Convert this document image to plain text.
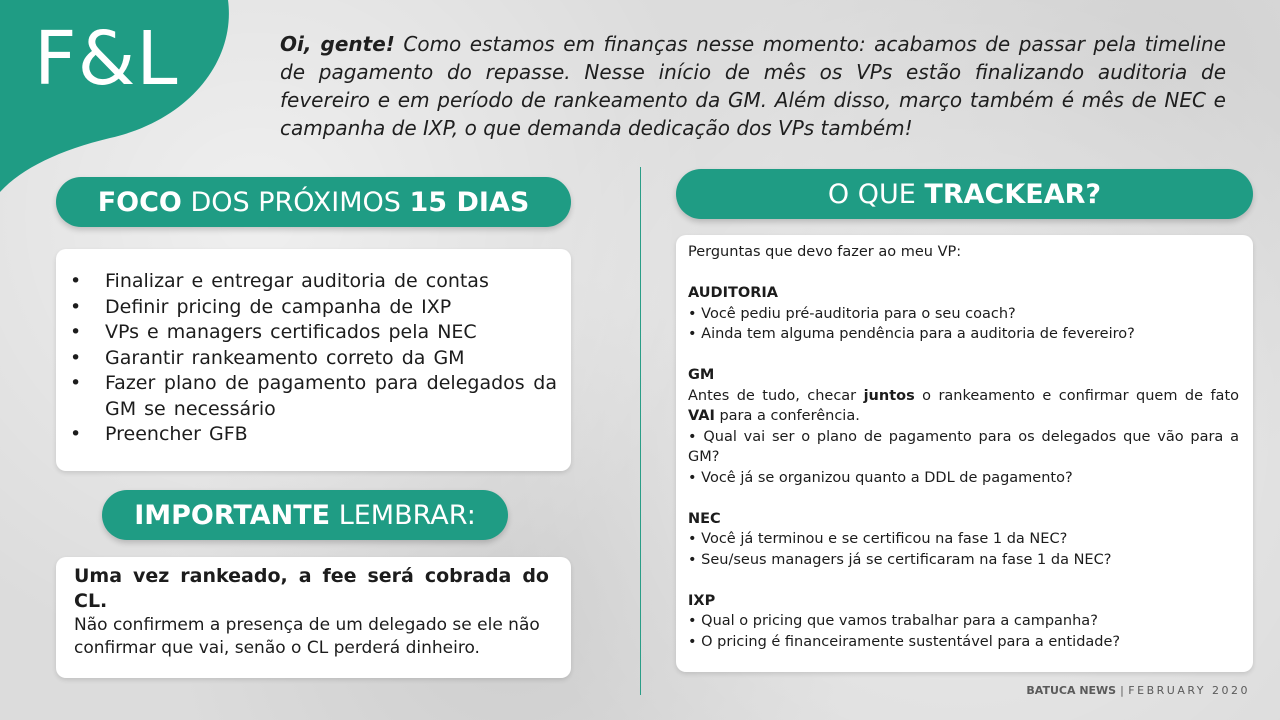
F&L	Oi, gente! Como estamos em finanças nesse momento: acabamos de passar pela timeline de pagamento do repasse. Nesse início de mês os VPs estão finalizando auditoria de fevereiro e em período de rankeamento da GM. Além disso, março também é mês de NEC e campanha de IXP, o que demanda dedicação dos VPs também!

FOCO DOS PRÓXIMOS 15 DIAS
•	Finalizar e entregar auditoria de contas
•	Definir pricing de campanha de IXP
•	VPs e managers certificados pela NEC
•	Garantir rankeamento correto da GM
•	Fazer plano de pagamento para delegados da GM se necessário
•	Preencher GFB
IMPORTANTE LEMBRAR:

Uma vez rankeado, a fee será cobrada do CL.

Não confirmem a presença de um delegado se ele não confirmar que vai, senão o CL perderá dinheiro.

O QUE TRACKEAR?

Perguntas que devo fazer ao meu VP:

AUDITORIA

• Você pediu pré-auditoria para o seu coach?

• Ainda tem alguma pendência para a auditoria de fevereiro?

GM

Antes de tudo, checar juntos o rankeamento e confirmar quem de fato VAI para a conferência.

• Qual vai ser o plano de pagamento para os delegados que vão para a GM?

• Você já se organizou quanto a DDL de pagamento?

NEC

• Você já terminou e se certificou na fase 1 da NEC?

• Seu/seus managers já se certificaram na fase 1 da NEC?

IXP

• Qual o pricing que vamos trabalhar para a campanha?

• O pricing é financeiramente sustentável para a entidade?

BATUCA NEWS | FEBRUARY 2020
